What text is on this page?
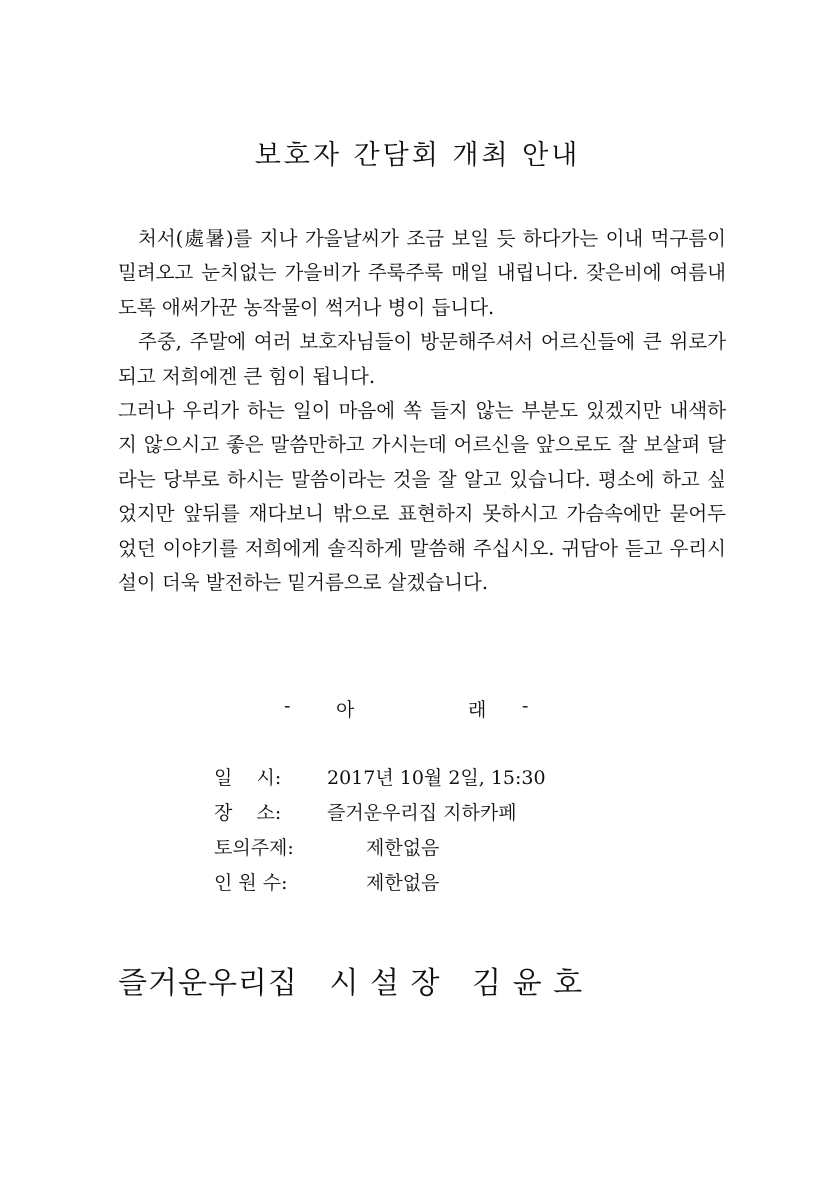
보호자 간담회 개최 안내

처서(處暑)를 지나 가을날씨가 조금 보일 듯 하다가는 이내 먹구름이 밀려오고 눈치없는 가을비가 주룩주룩 매일 내립니다. 잦은비에 여름내도록 애써가꾼 농작물이 썩거나 병이 듭니다.

주중, 주말에 여러 보호자님들이 방문해주셔서 어르신들에 큰 위로가 되고 저희에겐 큰 힘이 됩니다.

그러나 우리가 하는 일이 마음에 쏙 들지 않는 부분도 있겠지만 내색하지 않으시고 좋은 말씀만하고 가시는데 어르신을 앞으로도 잘 보살펴 달라는 당부로 하시는 말씀이라는 것을 잘 알고 있습니다. 평소에 하고 싶었지만 앞뒤를 재다보니 밖으로 표현하지 못하시고 가슴속에만 묻어두었던 이야기를 저희에게 솔직하게 말씀해 주십시오. 귀담아 듣고 우리시설이 더욱 발전하는 밑거름으로 살겠습니다.

- 아	래 -
일    시:	2017년 10월 2일, 15:30
장    소:	즐거운우리집 지하카페
토의주제:	제한없음
인 원 수:	제한없음
즐거운우리집   시 설 장   김 윤 호
